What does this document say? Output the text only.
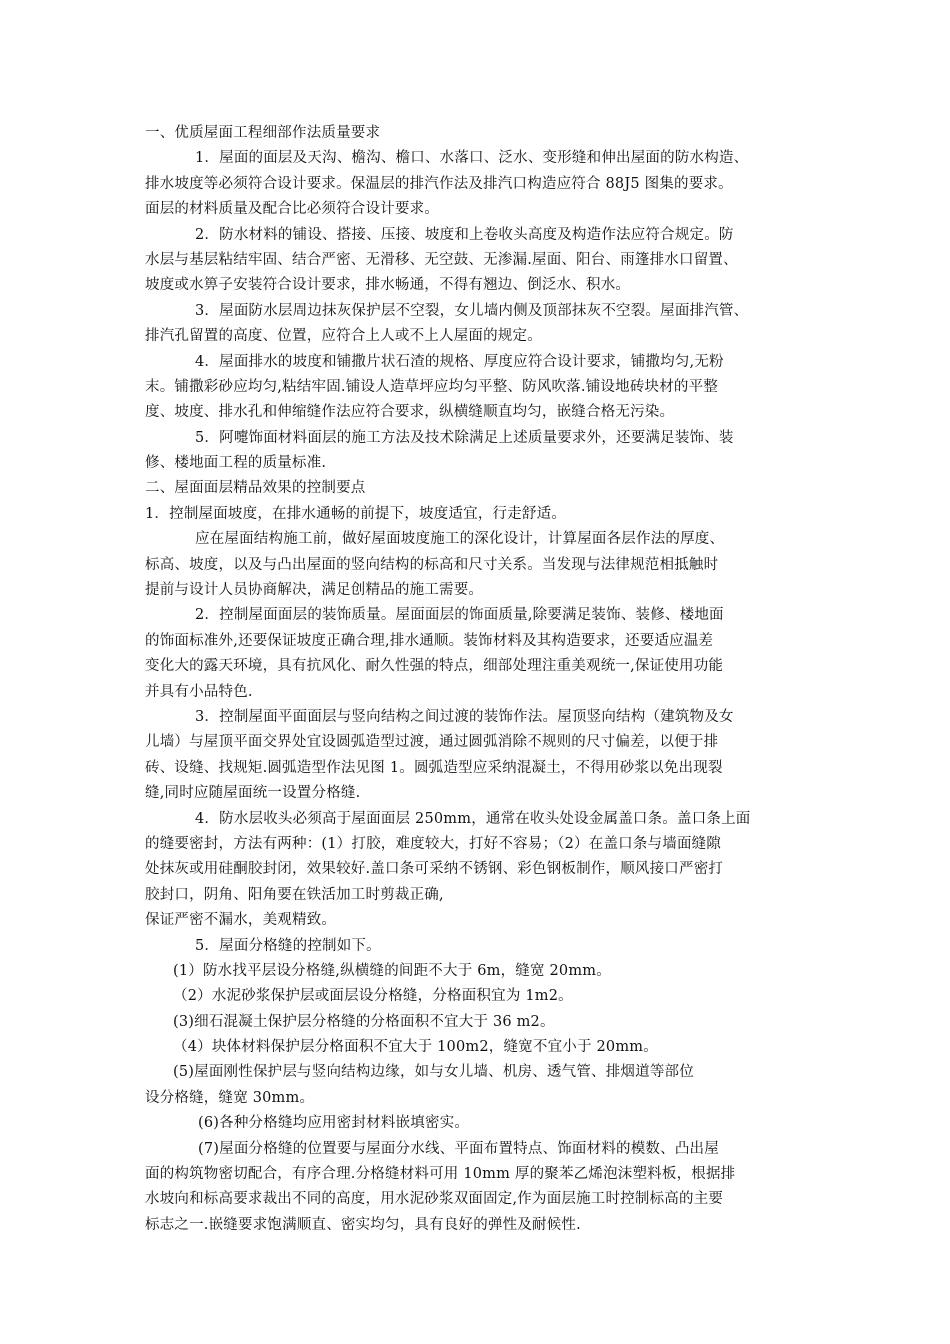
一、优质屋面工程细部作法质量要求
1．屋面的面层及天沟、檐沟、檐口、水落口、泛水、变形缝和伸出屋面的防水构造、
排水坡度等必须符合设计要求。保温层的排汽作法及排汽口构造应符合 88J5 图集的要求。
面层的材料质量及配合比必须符合设计要求。
2．防水材料的铺设、搭接、压接、坡度和上卷收头高度及构造作法应符合规定。防
水层与基层粘结牢固、结合严密、无滑移、无空鼓、无渗漏.屋面、阳台、雨篷排水口留置、
坡度或水箅子安装符合设计要求，排水畅通，不得有翘边、倒泛水、积水。
3．屋面防水层周边抹灰保护层不空裂，女儿墙内侧及顶部抹灰不空裂。屋面排汽管、
排汽孔留置的高度、位置，应符合上人或不上人屋面的规定。
4．屋面排水的坡度和铺撒片状石渣的规格、厚度应符合设计要求，铺撒均匀,无粉
末。铺撒彩砂应均匀,粘结牢固.铺设人造草坪应均匀平整、防风吹落.铺设地砖块材的平整
度、坡度、排水孔和伸缩缝作法应符合要求，纵横缝顺直均匀，嵌缝合格无污染。
5．阿嚏饰面材料面层的施工方法及技术除满足上述质量要求外，还要满足装饰、装
修、楼地面工程的质量标准.
二、屋面面层精品效果的控制要点
1．控制屋面坡度，在排水通畅的前提下，坡度适宜，行走舒适。
应在屋面结构施工前，做好屋面坡度施工的深化设计，计算屋面各层作法的厚度、
标高、坡度，以及与凸出屋面的竖向结构的标高和尺寸关系。当发现与法律规范相抵触时
提前与设计人员协商解决，满足创精品的施工需要。
2．控制屋面面层的装饰质量。屋面面层的饰面质量,除要满足装饰、装修、楼地面
的饰面标准外,还要保证坡度正确合理,排水通顺。装饰材料及其构造要求，还要适应温差
变化大的露天环境，具有抗风化、耐久性强的特点，细部处理注重美观统一,保证使用功能
并具有小品特色.
3．控制屋面平面面层与竖向结构之间过渡的装饰作法。屋顶竖向结构（建筑物及女
儿墙）与屋顶平面交界处宜设圆弧造型过渡，通过圆弧消除不规则的尺寸偏差，以便于排
砖、设缝、找规矩.圆弧造型作法见图 1。圆弧造型应采纳混凝土，不得用砂浆以免出现裂
缝,同时应随屋面统一设置分格缝.
4．防水层收头必须高于屋面面层 250mm，通常在收头处设金属盖口条。盖口条上面
的缝要密封，方法有两种：(1）打胶，难度较大，打好不容易；（2）在盖口条与墙面缝隙
处抹灰或用硅酮胶封闭，效果较好.盖口条可采纳不锈钢、彩色钢板制作，顺风接口严密打
胶封口，阴角、阳角要在铁活加工时剪裁正确,
保证严密不漏水，美观精致。
5．屋面分格缝的控制如下。
(1）防水找平层设分格缝,纵横缝的间距不大于 6m，缝宽 20mm。
（2）水泥砂浆保护层或面层设分格缝，分格面积宜为 1m2。
(3)细石混凝土保护层分格缝的分格面积不宜大于 36 m2。
（4）块体材料保护层分格面积不宜大于 100m2，缝宽不宜小于 20mm。
(5)屋面刚性保护层与竖向结构边缘，如与女儿墙、机房、透气管、排烟道等部位
设分格缝，缝宽 30mm。
(6)各种分格缝均应用密封材料嵌填密实。
(7)屋面分格缝的位置要与屋面分水线、平面布置特点、饰面材料的模数、凸出屋
面的构筑物密切配合，有序合理.分格缝材料可用 10mm 厚的聚苯乙烯泡沫塑料板，根据排
水坡向和标高要求裁出不同的高度，用水泥砂浆双面固定,作为面层施工时控制标高的主要
标志之一.嵌缝要求饱满顺直、密实均匀，具有良好的弹性及耐候性.
